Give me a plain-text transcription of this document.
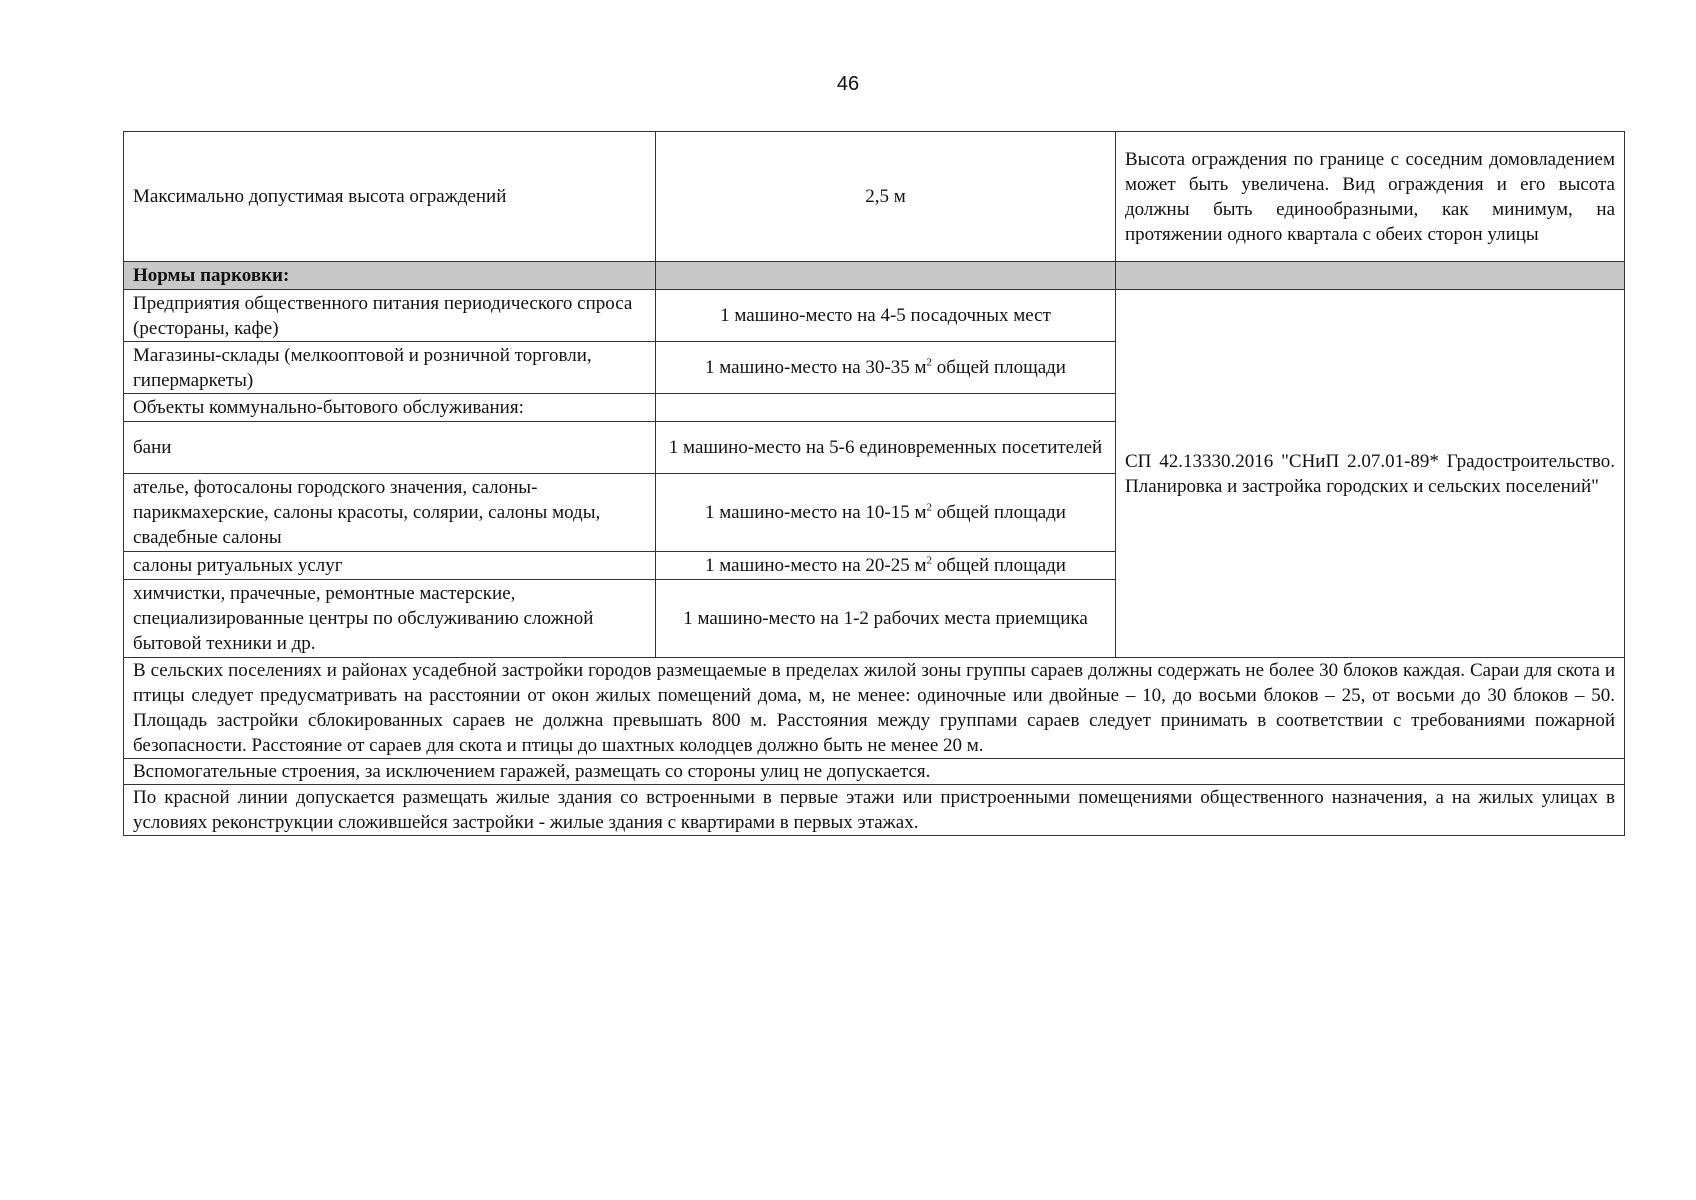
46
Максимально допустимая высота ограждений	2,5 м	Высота ограждения по границе с соседним домовладением может быть увеличена. Вид ограждения и его высота должны быть единообразными, как минимум, на протяжении одного квартала с обеих сторон улицы
Нормы парковки:		
Предприятия общественного питания периодического спроса (рестораны, кафе)	1 машино-место на 4-5 посадочных мест	СП 42.13330.2016 "СНиП 2.07.01-89* Градостроительство. Планировка и застройка городских и сельских поселений"
Магазины-склады (мелкооптовой и розничной торговли, гипермаркеты)	1 машино-место на 30-35 $м^2$ общей площади	
Объекты коммунально-бытового обслуживания:		
бани	1 машино-место на 5-6 единовременных посетителей	
ателье, фотосалоны городского значения, салоны-парикмахерские, салоны красоты, солярии, салоны моды, свадебные салоны	1 машино-место на 10-15 $м^2$ общей площади	
салоны ритуальных услуг	1 машино-место на 20-25 $м^2$ общей площади	
химчистки, прачечные, ремонтные мастерские, специализированные центры по обслуживанию сложной бытовой техники и др.	1 машино-место на 1-2 рабочих места приемщика	
В сельских поселениях и районах усадебной застройки городов размещаемые в пределах жилой зоны группы сараев должны содержать не более 30 блоков каждая. Сараи для скота и птицы следует предусматривать на расстоянии от окон жилых помещений дома, м, не менее: одиночные или двойные – 10, до восьми блоков – 25, от восьми до 30 блоков – 50. Площадь застройки сблокированных сараев не должна превышать 800 м. Расстояния между группами сараев следует принимать в соответствии с требованиями пожарной безопасности. Расстояние от сараев для скота и птицы до шахтных колодцев должно быть не менее 20 м.		
Вспомогательные строения, за исключением гаражей, размещать со стороны улиц не допускается.		
По красной линии допускается размещать жилые здания со встроенными в первые этажи или пристроенными помещениями общественного назначения, а на жилых улицах в условиях реконструкции сложившейся застройки - жилые здания с квартирами в первых этажах.		
